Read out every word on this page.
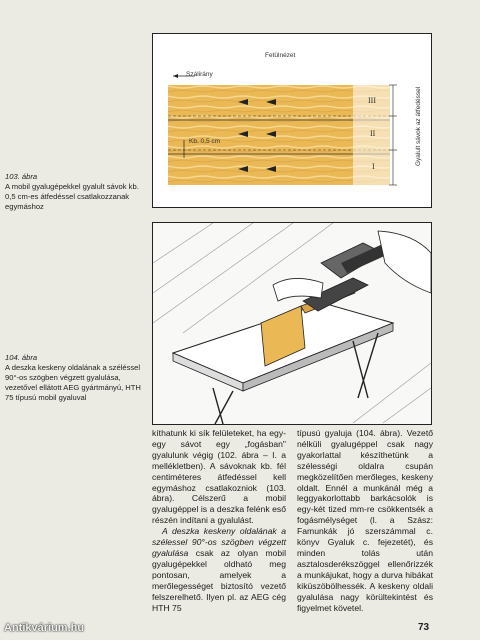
Fetülnézet
Szálirány
Kb. 0,5 cm
III
II
I
Gyalult sávok az átfedéssel
103. ábra
A mobil gyalugépekkel gyalult sávok kb. 0,5 cm-es átfedéssel csatlakozzanak egymáshoz
104. ábra
A deszka keskeny oldalának a széléssel 90°-os szögben végzett gyalulása, vezetővel ellátott AEG gyártmányú, HTH 75 típusú mobil gyaluval

kíthatunk ki sík felületeket, ha egy-egy sávot egy „fogásban" gyalulunk végig (102. ábra – I. a mellékletben). A sávoknak kb. fél centiméteres átfedéssel kell egymáshoz csatlakozniok (103. ábra). Célszerű a mobil gyalugéppel is a deszka felénk eső részén indítani a gyalulást.

A deszka keskeny oldalának a szélessel 90°-os szögben végzett gyalulása csak az olyan mobil gyalugépekkel oldható meg pontosan, amelyek a merőlegességet biztosító vezető felszerelhető. Ilyen pl. az AEG cég HTH 75

típusú gyaluja (104. ábra). Vezető nélküli gyalugéppel csak nagy gyakorlattal készíthetünk a szélességi oldalra csupán megközelítően merőleges, keskeny oldalt. Ennél a munkánál még a leggyakorlottabb barkácsolók is egy-két tized mm-re csökkentsék a fogásmélységet (l. a Szász: Famunkák jó szerszámmal c. könyv Gyaluk c. fejezetét), és minden tolás után asztalosderékszöggel ellenőrizzék a munkájukat, hogy a durva hibákat kiküszöbölhessék. A keskeny oldali gyalulása nagy körültekintést és figyelmet követel.

73
Antikvárium.hu
